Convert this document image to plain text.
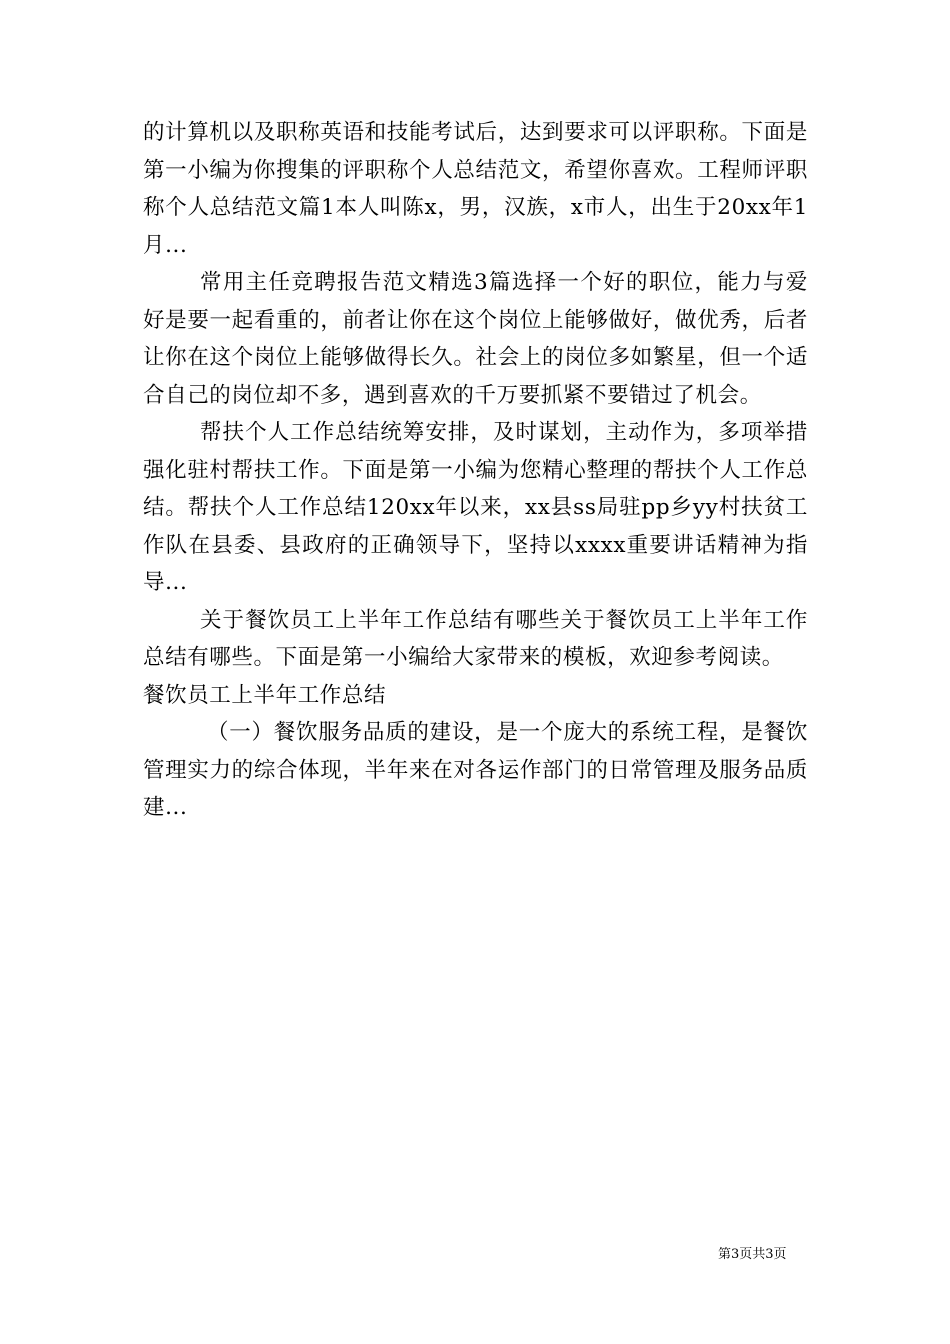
的计算机以及职称英语和技能考试后，达到要求可以评职称。下面是第一小编为你搜集的评职称个人总结范文，希望你喜欢。工程师评职称个人总结范文篇1本人叫陈x，男，汉族，x市人，出生于20xx年1月...

常用主任竞聘报告范文精选3篇选择一个好的职位，能力与爱好是要一起看重的，前者让你在这个岗位上能够做好，做优秀，后者让你在这个岗位上能够做得长久。社会上的岗位多如繁星，但一个适合自己的岗位却不多，遇到喜欢的千万要抓紧不要错过了机会。

帮扶个人工作总结统筹安排，及时谋划，主动作为，多项举措强化驻村帮扶工作。下面是第一小编为您精心整理的帮扶个人工作总结。帮扶个人工作总结120xx年以来，xx县ss局驻pp乡yy村扶贫工作队在县委、县政府的正确领导下，坚持以xxxx重要讲话精神为指导...

关于餐饮员工上半年工作总结有哪些关于餐饮员工上半年工作总结有哪些。下面是第一小编给大家带来的模板，欢迎参考阅读。

餐饮员工上半年工作总结

（一）餐饮服务品质的建设，是一个庞大的系统工程，是餐饮管理实力的综合体现，半年来在对各运作部门的日常管理及服务品质建...

第3页共3页
